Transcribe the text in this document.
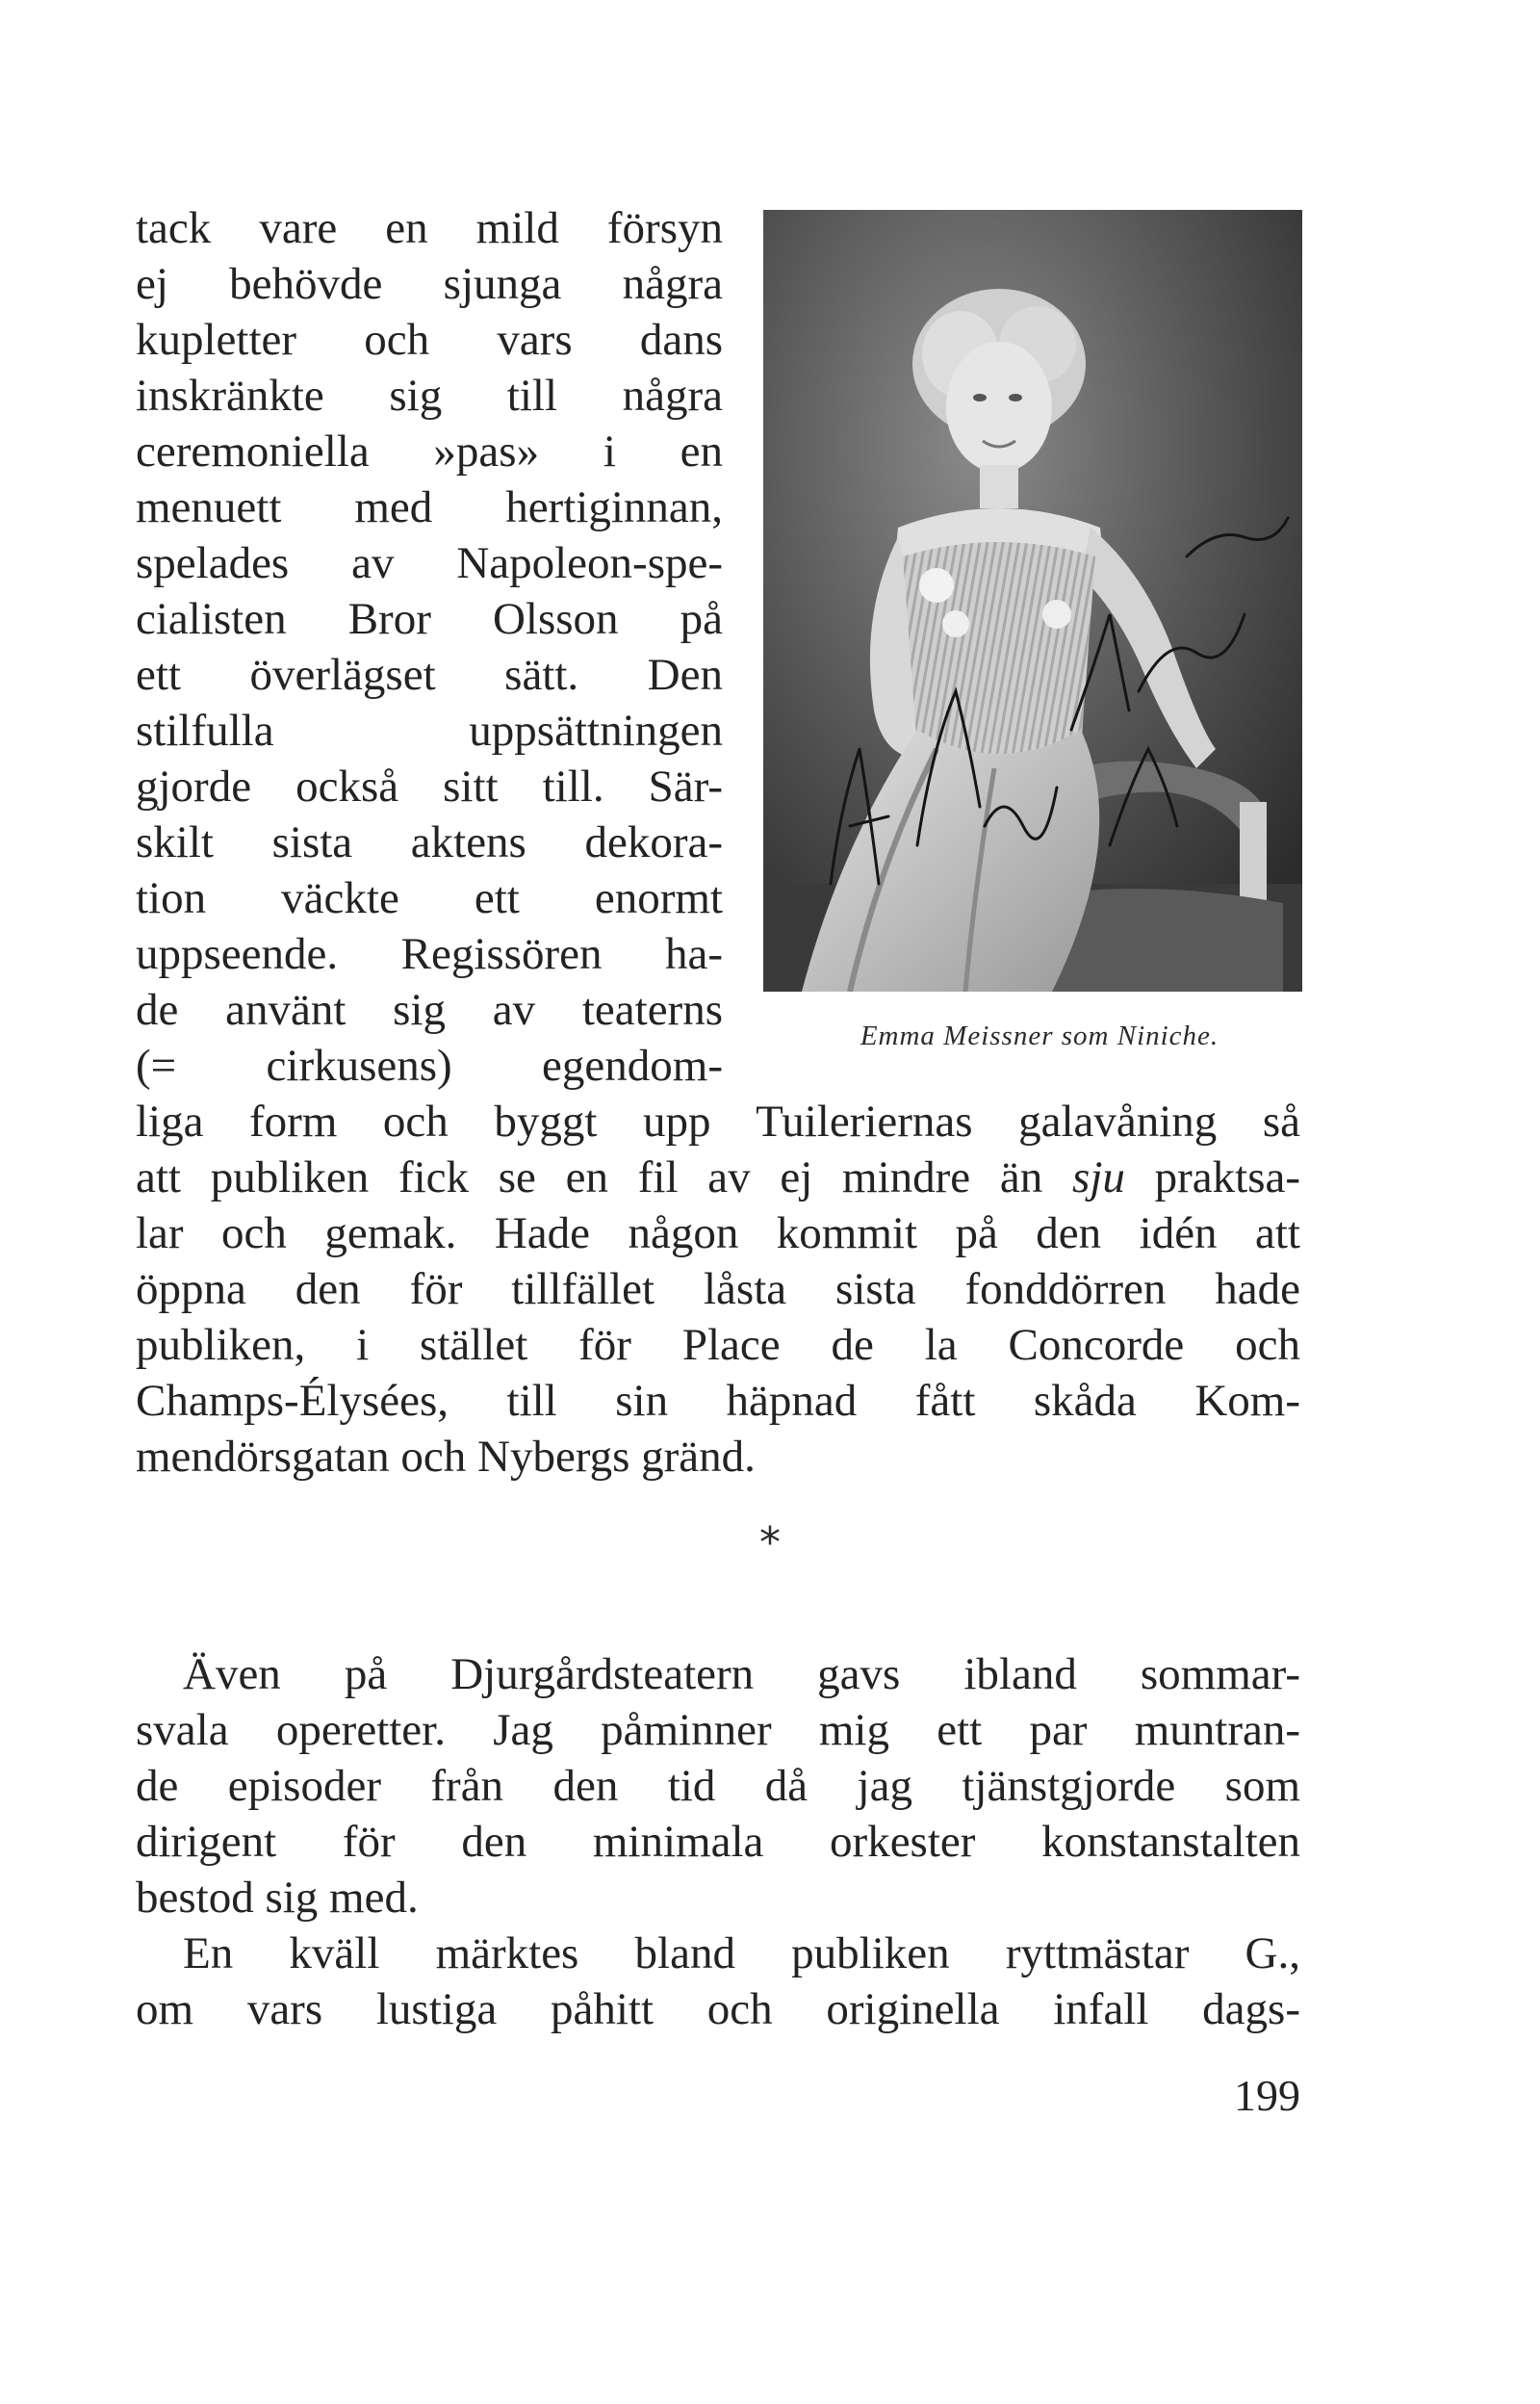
tack vare en mild försyn
ej behövde sjunga några
kupletter och vars dans
inskränkte sig till några
ceremoniella »pas» i en
menuett med hertiginnan,
spelades av Napoleon-spe-
cialisten Bror Olsson på
ett överlägset sätt. Den
stilfulla uppsättningen
gjorde också sitt till. Sär-
skilt sista aktens dekora-
tion väckte ett enormt
uppseende. Regissören ha-
de använt sig av teaterns
(= cirkusens) egendom-
Emma Meissner som Niniche.
liga form och byggt upp Tuileriernas galavåning så
att publiken fick se en fil av ej mindre än sju praktsa-
lar och gemak. Hade någon kommit på den idén att
öppna den för tillfället låsta sista fonddörren hade
publiken, i stället för Place de la Concorde och
Champs-Élysées, till sin häpnad fått skåda Kom-
mendörsgatan och Nybergs gränd.
*
Även på Djurgårdsteatern gavs ibland sommar-
svala operetter. Jag påminner mig ett par muntran-
de episoder från den tid då jag tjänstgjorde som
dirigent för den minimala orkester konstanstalten
bestod sig med.
En kväll märktes bland publiken ryttmästar G.,
om vars lustiga påhitt och originella infall dags-
199
